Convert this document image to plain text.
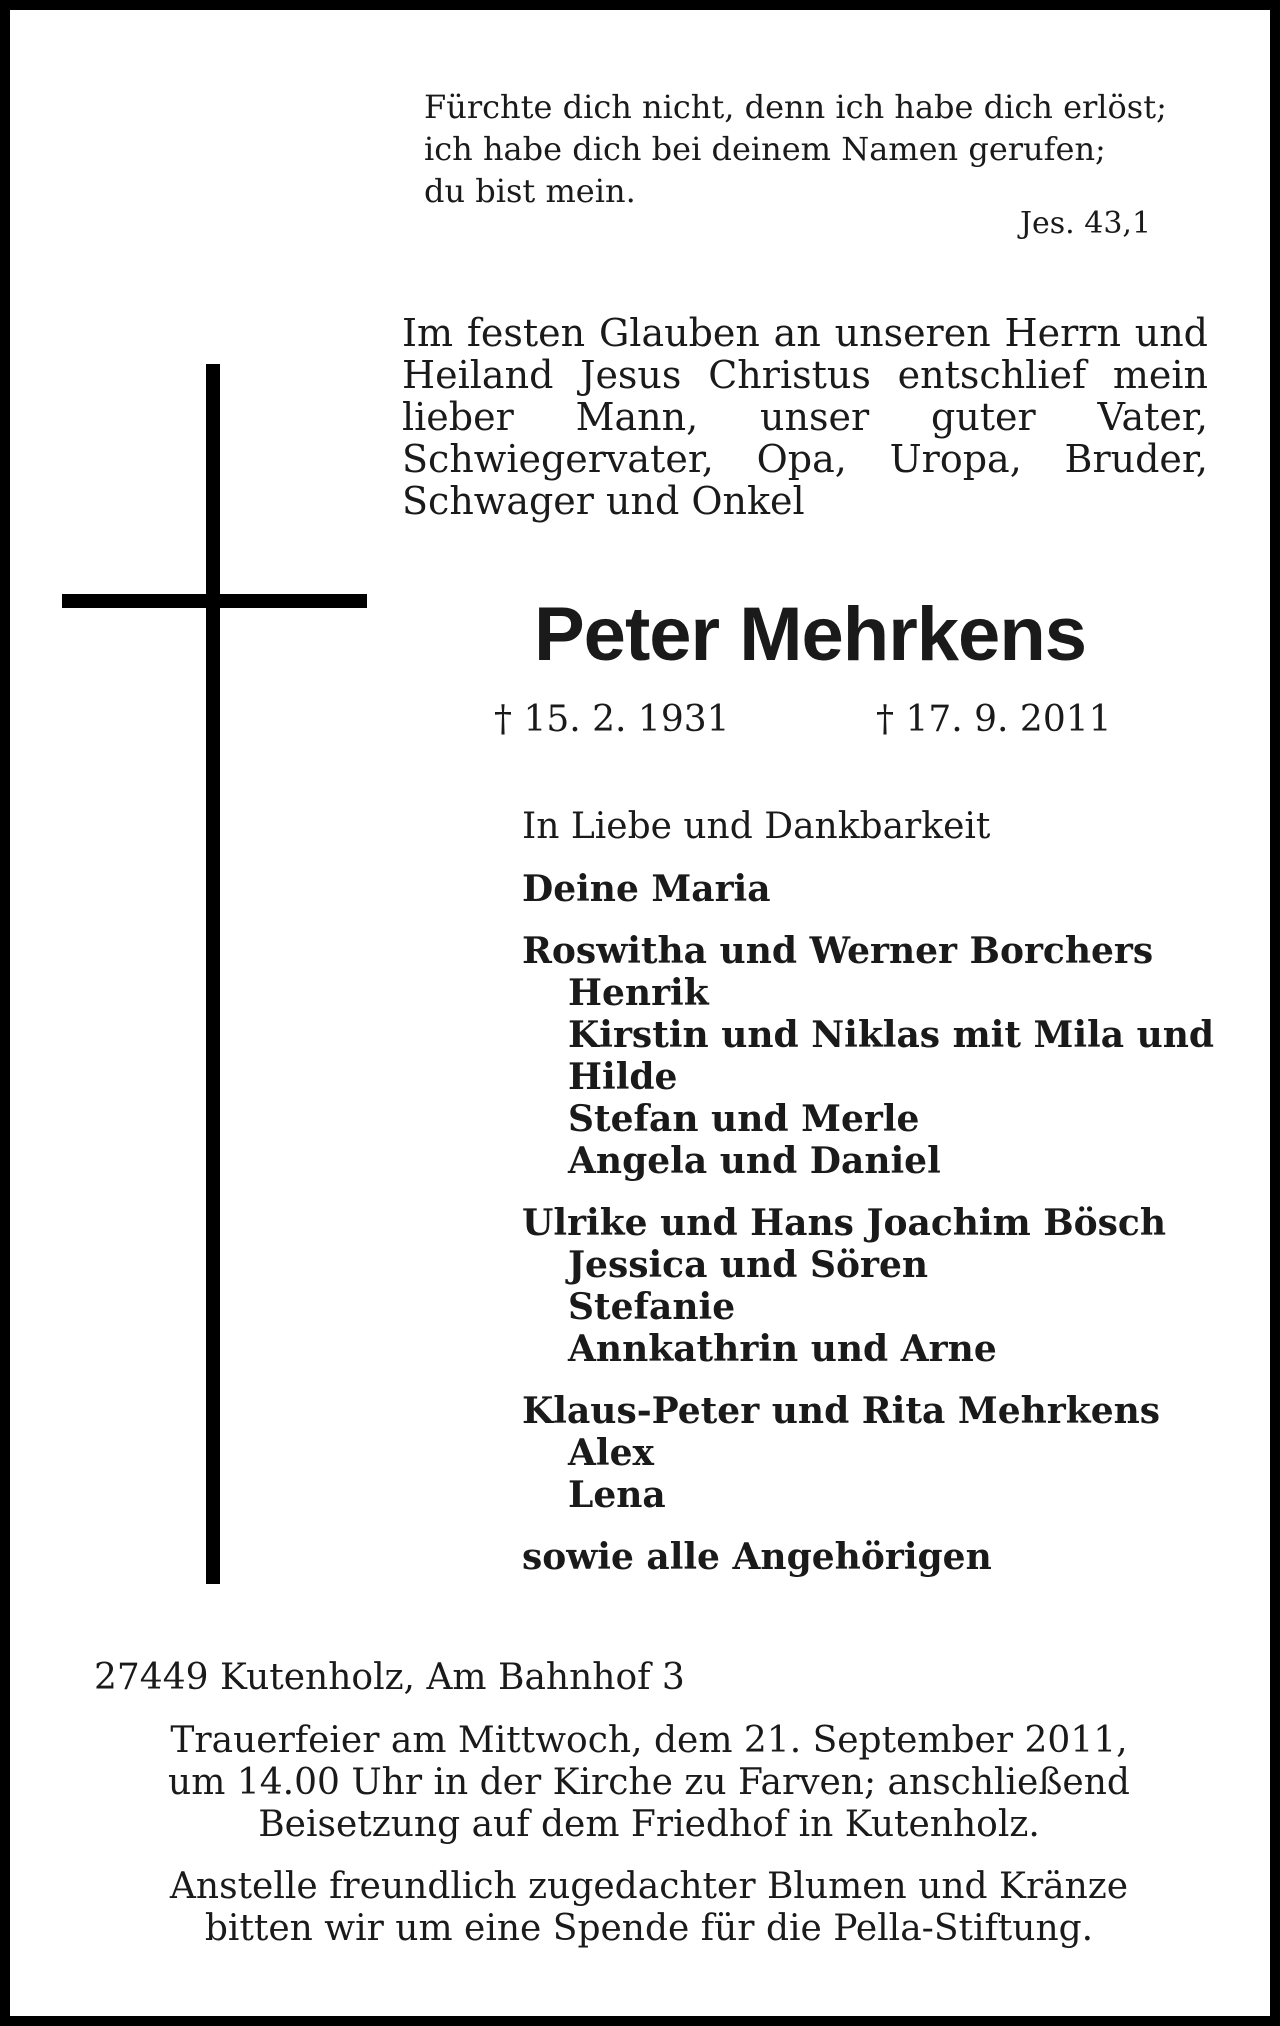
Fürchte dich nicht, denn ich habe dich erlöst;
ich habe dich bei deinem Namen gerufen;
du bist mein.
Jes. 43,1
Im festen Glauben an unseren Herrn und Heiland Jesus Christus entschlief mein lieber Mann, unser guter Vater, Schwiegervater, Opa, Uropa, Bruder, Schwager und Onkel
Peter Mehrkens
† 15. 2. 1931	† 17. 9. 2011
In Liebe und Dankbarkeit
Deine Maria
Roswitha und Werner Borchers
Henrik
Kirstin und Niklas mit Mila und
Hilde
Stefan und Merle
Angela und Daniel
Ulrike und Hans Joachim Bösch
Jessica und Sören
Stefanie
Annkathrin und Arne
Klaus-Peter und Rita Mehrkens
Alex
Lena
sowie alle Angehörigen
27449 Kutenholz, Am Bahnhof 3
Trauerfeier am Mittwoch, dem 21. September 2011,
um 14.00 Uhr in der Kirche zu Farven; anschließend
Beisetzung auf dem Friedhof in Kutenholz.
Anstelle freundlich zugedachter Blumen und Kränze
bitten wir um eine Spende für die Pella-Stiftung.
